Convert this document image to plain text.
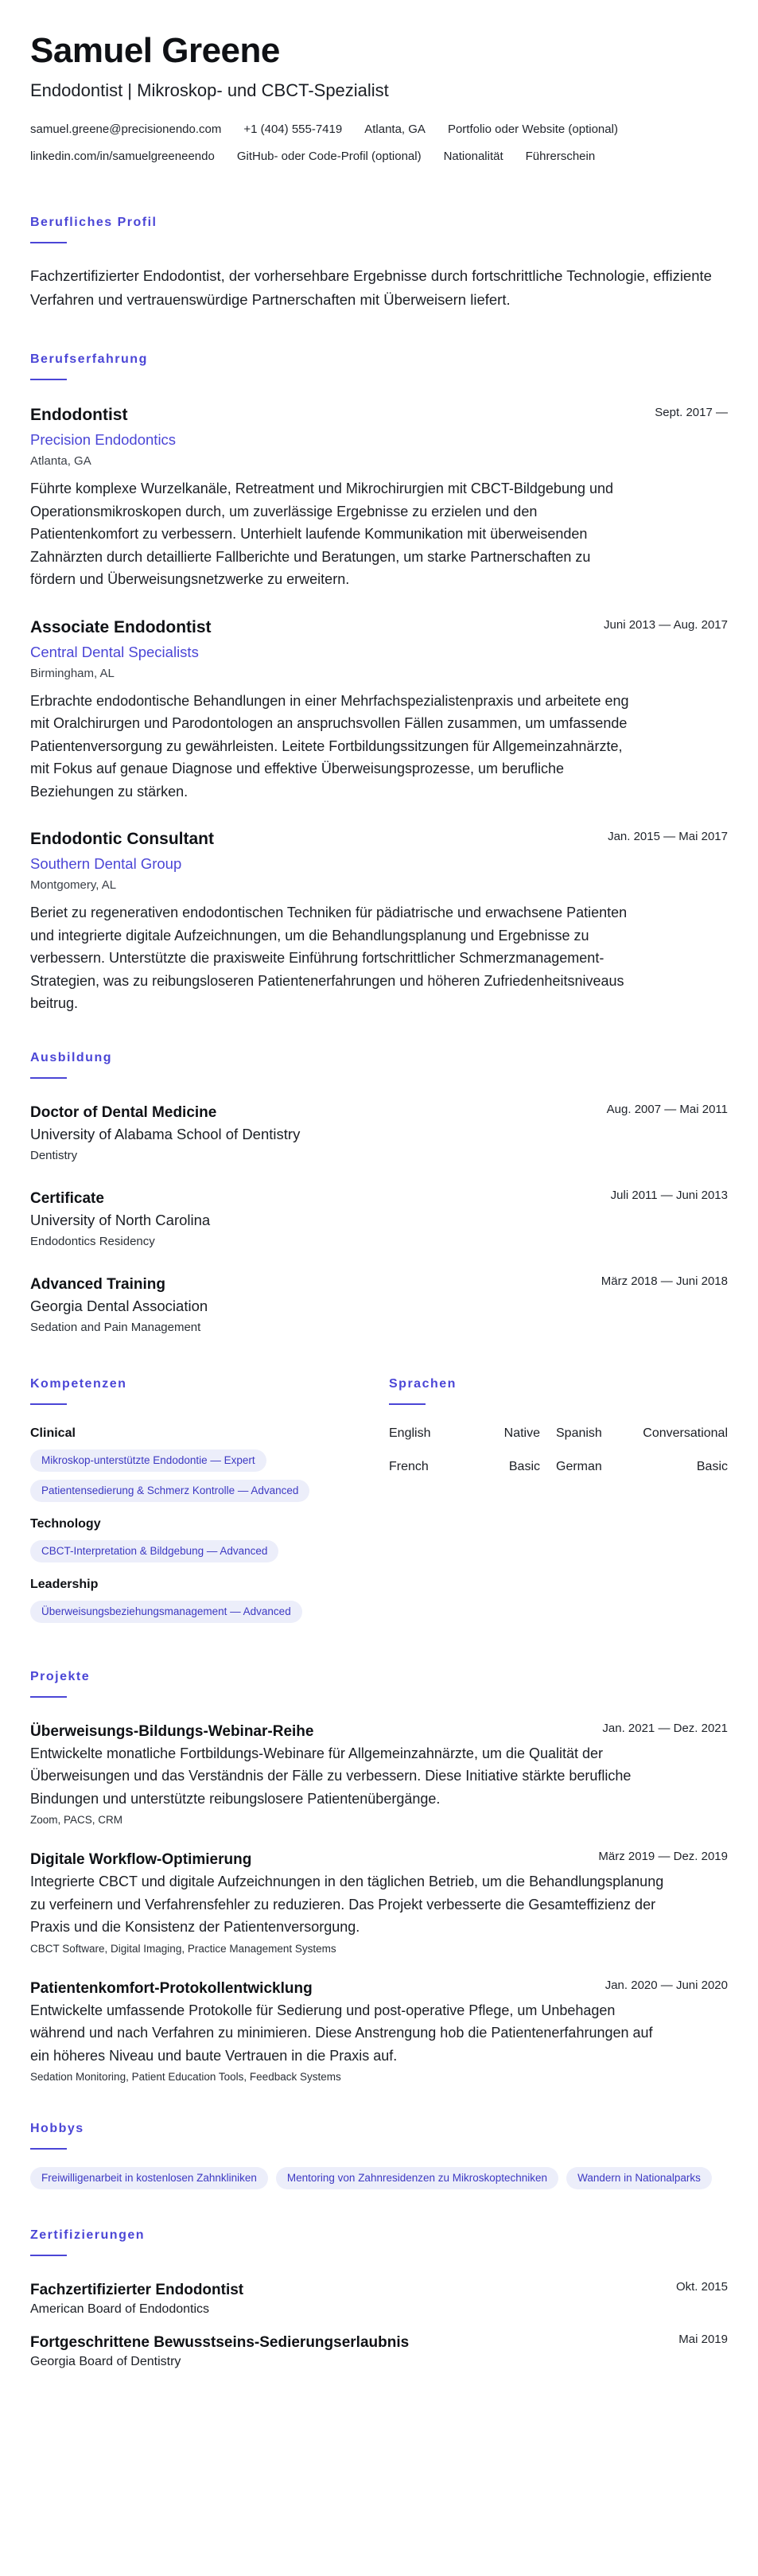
Samuel Greene
Endodontist | Mikroskop- und CBCT-Spezialist
samuel.greene@precisionendo.com +1 (404) 555-7419 Atlanta, GA Portfolio oder Website (optional)
linkedin.com/in/samuelgreeneendo GitHub- oder Code-Profil (optional) Nationalität Führerschein
Berufliches Profil
Fachzertifizierter Endodontist, der vorhersehbare Ergebnisse durch fortschrittliche Technologie, effiziente Verfahren und vertrauenswürdige Partnerschaften mit Überweisern liefert.
Berufserfahrung
Endodontist	Sept. 2017 —
Precision Endodontics
Atlanta, GA
Führte komplexe Wurzelkanäle, Retreatment und Mikrochirurgien mit CBCT-Bildgebung und Operationsmikroskopen durch, um zuverlässige Ergebnisse zu erzielen und den Patientenkomfort zu verbessern. Unterhielt laufende Kommunikation mit überweisenden Zahnärzten durch detaillierte Fallberichte und Beratungen, um starke Partnerschaften zu fördern und Überweisungsnetzwerke zu erweitern.
Associate Endodontist	Juni 2013 — Aug. 2017
Central Dental Specialists
Birmingham, AL
Erbrachte endodontische Behandlungen in einer Mehrfachspezialistenpraxis und arbeitete eng mit Oralchirurgen und Parodontologen an anspruchsvollen Fällen zusammen, um umfassende Patientenversorgung zu gewährleisten. Leitete Fortbildungssitzungen für Allgemeinzahnärzte, mit Fokus auf genaue Diagnose und effektive Überweisungsprozesse, um berufliche Beziehungen zu stärken.
Endodontic Consultant	Jan. 2015 — Mai 2017
Southern Dental Group
Montgomery, AL
Beriet zu regenerativen endodontischen Techniken für pädiatrische und erwachsene Patienten und integrierte digitale Aufzeichnungen, um die Behandlungsplanung und Ergebnisse zu verbessern. Unterstützte die praxisweite Einführung fortschrittlicher Schmerzmanagement-Strategien, was zu reibungsloseren Patientenerfahrungen und höheren Zufriedenheitsniveaus beitrug.
Ausbildung
Doctor of Dental Medicine	Aug. 2007 — Mai 2011
University of Alabama School of Dentistry
Dentistry
Certificate	Juli 2011 — Juni 2013
University of North Carolina
Endodontics Residency
Advanced Training	März 2018 — Juni 2018
Georgia Dental Association
Sedation and Pain Management
Kompetenzen
Clinical
Mikroskop-unterstützte Endodontie — Expert
Patientensedierung & Schmerz Kontrolle — Advanced
Technology
CBCT-Interpretation & Bildgebung — Advanced
Leadership
Überweisungsbeziehungsmanagement — Advanced
Sprachen
English	Native Spanish	Conversational
French	Basic German	Basic
Projekte
Überweisungs-Bildungs-Webinar-Reihe	Jan. 2021 — Dez. 2021
Entwickelte monatliche Fortbildungs-Webinare für Allgemeinzahnärzte, um die Qualität der Überweisungen und das Verständnis der Fälle zu verbessern. Diese Initiative stärkte berufliche Bindungen und unterstützte reibungslosere Patientenübergänge.
Zoom, PACS, CRM
Digitale Workflow-Optimierung	März 2019 — Dez. 2019
Integrierte CBCT und digitale Aufzeichnungen in den täglichen Betrieb, um die Behandlungsplanung zu verfeinern und Verfahrensfehler zu reduzieren. Das Projekt verbesserte die Gesamteffizienz der Praxis und die Konsistenz der Patientenversorgung.
CBCT Software, Digital Imaging, Practice Management Systems
Patientenkomfort-Protokollentwicklung	Jan. 2020 — Juni 2020
Entwickelte umfassende Protokolle für Sedierung und post-operative Pflege, um Unbehagen während und nach Verfahren zu minimieren. Diese Anstrengung hob die Patientenerfahrungen auf ein höheres Niveau und baute Vertrauen in die Praxis auf.
Sedation Monitoring, Patient Education Tools, Feedback Systems
Hobbys
Freiwilligenarbeit in kostenlosen Zahnkliniken	Mentoring von Zahnresidenzen zu Mikroskoptechniken	Wandern in Nationalparks
Zertifizierungen
Fachzertifizierter Endodontist	Okt. 2015
American Board of Endodontics
Fortgeschrittene Bewusstseins-Sedierungserlaubnis	Mai 2019
Georgia Board of Dentistry
